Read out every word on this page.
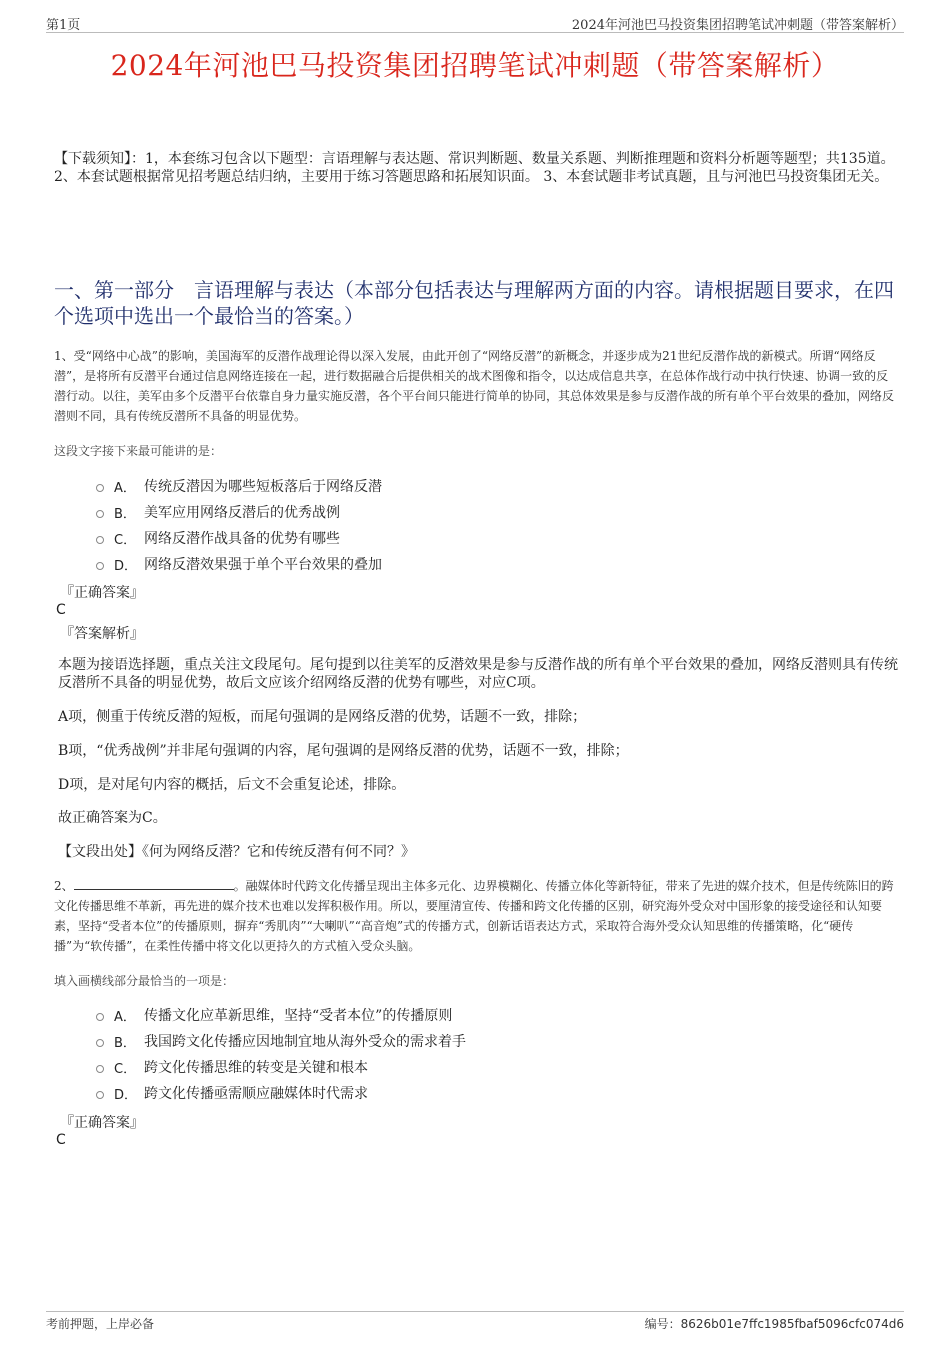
第1页	2024年河池巴马投资集团招聘笔试冲刺题（带答案解析）
2024年河池巴马投资集团招聘笔试冲刺题（带答案解析）
【下载须知】：1，本套练习包含以下题型：言语理解与表达题、常识判断题、数量关系题、判断推理题和资料分析题等题型；共135道。 2、本套试题根据常见招考题总结归纳，主要用于练习答题思路和拓展知识面。 3、本套试题非考试真题，且与河池巴马投资集团无关。
一、第一部分　言语理解与表达（本部分包括表达与理解两方面的内容。请根据题目要求，在四个选项中选出一个最恰当的答案。）
1、受“网络中心战”的影响，美国海军的反潜作战理论得以深入发展，由此开创了“网络反潜”的新概念，并逐步成为21世纪反潜作战的新模式。所谓“网络反潜”，是将所有反潜平台通过信息网络连接在一起，进行数据融合后提供相关的战术图像和指令，以达成信息共享，在总体作战行动中执行快速、协调一致的反潜行动。以往，美军由多个反潜平台依靠自身力量实施反潜，各个平台间只能进行简单的协同，其总体效果是参与反潜作战的所有单个平台效果的叠加，网络反潜则不同，具有传统反潜所不具备的明显优势。
这段文字接下来最可能讲的是：
A． 传统反潜因为哪些短板落后于网络反潜
B． 美军应用网络反潜后的优秀战例
C． 网络反潜作战具备的优势有哪些
D． 网络反潜效果强于单个平台效果的叠加
『正确答案』
C
『答案解析』
本题为接语选择题，重点关注文段尾句。尾句提到以往美军的反潜效果是参与反潜作战的所有单个平台效果的叠加，网络反潜则具有传统反潜所不具备的明显优势，故后文应该介绍网络反潜的优势有哪些，对应C项。
A项，侧重于传统反潜的短板，而尾句强调的是网络反潜的优势，话题不一致，排除；
B项，“优秀战例”并非尾句强调的内容，尾句强调的是网络反潜的优势，话题不一致，排除；
D项，是对尾句内容的概括，后文不会重复论述，排除。
故正确答案为C。
【文段出处】《何为网络反潜？它和传统反潜有何不同？》
2、	。融媒体时代跨文化传播呈现出主体多元化、边界模糊化、传播立体化等新特征，带来了先进的媒介技术，但是传统陈旧的跨文化传播思维不革新，再先进的媒介技术也难以发挥积极作用。所以，要厘清宣传、传播和跨文化传播的区别，研究海外受众对中国形象的接受途径和认知要素，坚持“受者本位”的传播原则，摒弃“秀肌肉”“大喇叭”“高音炮”式的传播方式，创新话语表达方式，采取符合海外受众认知思维的传播策略，化“硬传播”为“软传播”，在柔性传播中将文化以更持久的方式植入受众头脑。
填入画横线部分最恰当的一项是：
A． 传播文化应革新思维，坚持“受者本位”的传播原则
B． 我国跨文化传播应因地制宜地从海外受众的需求着手
C． 跨文化传播思维的转变是关键和根本
D． 跨文化传播亟需顺应融媒体时代需求
『正确答案』
C
考前押题，上岸必备	编号：8626b01e7ffc1985fbaf5096cfc074d6
